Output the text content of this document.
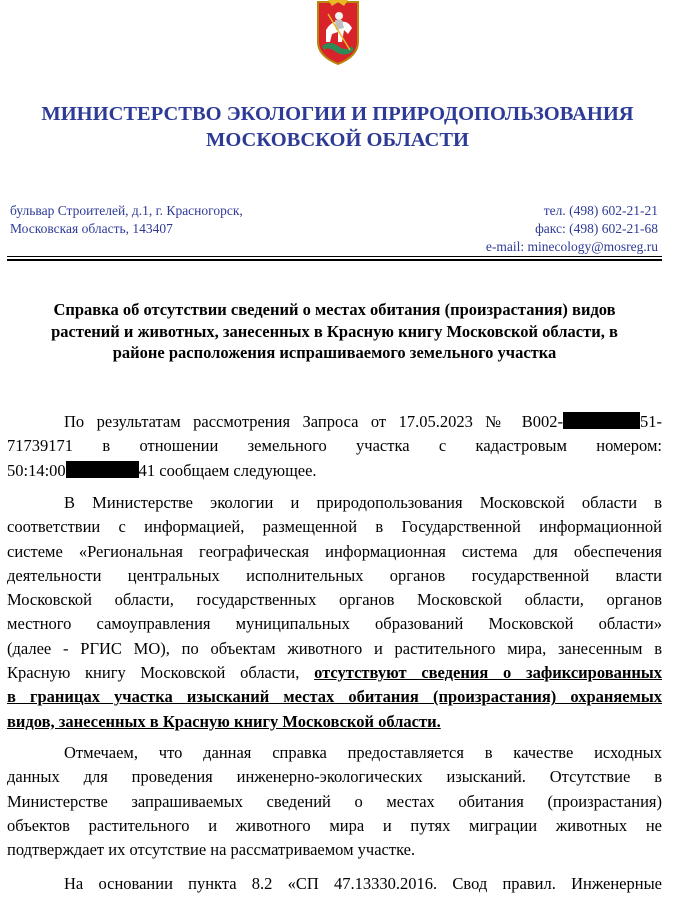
МИНИСТЕРСТВО ЭКОЛОГИИ И ПРИРОДОПОЛЬЗОВАНИЯ
МОСКОВСКОЙ ОБЛАСТИ
бульвар Строителей, д.1, г. Красногорск,
Московская область, 143407
тел. (498) 602-21-21
факс: (498) 602-21-68
e-mail: minecology@mosreg.ru
Справка об отсутствии сведений о местах обитания (произрастания) видов
растений и животных, занесенных в Красную книгу Московской области, в
районе расположения испрашиваемого земельного участка
По результатам рассмотрения Запроса от 17.05.2023 № B002-	51-
71739171 в отношении земельного участка с кадастровым номером:
50:14:00	41 сообщаем следующее.
В Министерстве экологии и природопользования Московской области в
соответствии с информацией, размещенной в Государственной информационной
системе «Региональная географическая информационная система для обеспечения
деятельности центральных исполнительных органов государственной власти
Московской области, государственных органов Московской области, органов
местного самоуправления муниципальных образований Московской области»
(далее - РГИС МО), по объектам животного и растительного мира, занесенным в
Красную книгу Московской области, отсутствуют сведения о зафиксированных
в границах участка изысканий местах обитания (произрастания) охраняемых
видов, занесенных в Красную книгу Московской области.
Отмечаем, что данная справка предоставляется в качестве исходных
данных для проведения инженерно-экологических изысканий. Отсутствие в
Министерстве запрашиваемых сведений о местах обитания (произрастания)
объектов растительного и животного мира и путях миграции животных не
подтверждает их отсутствие на рассматриваемом участке.
На основании пункта 8.2 «СП 47.13330.2016. Свод правил. Инженерные
